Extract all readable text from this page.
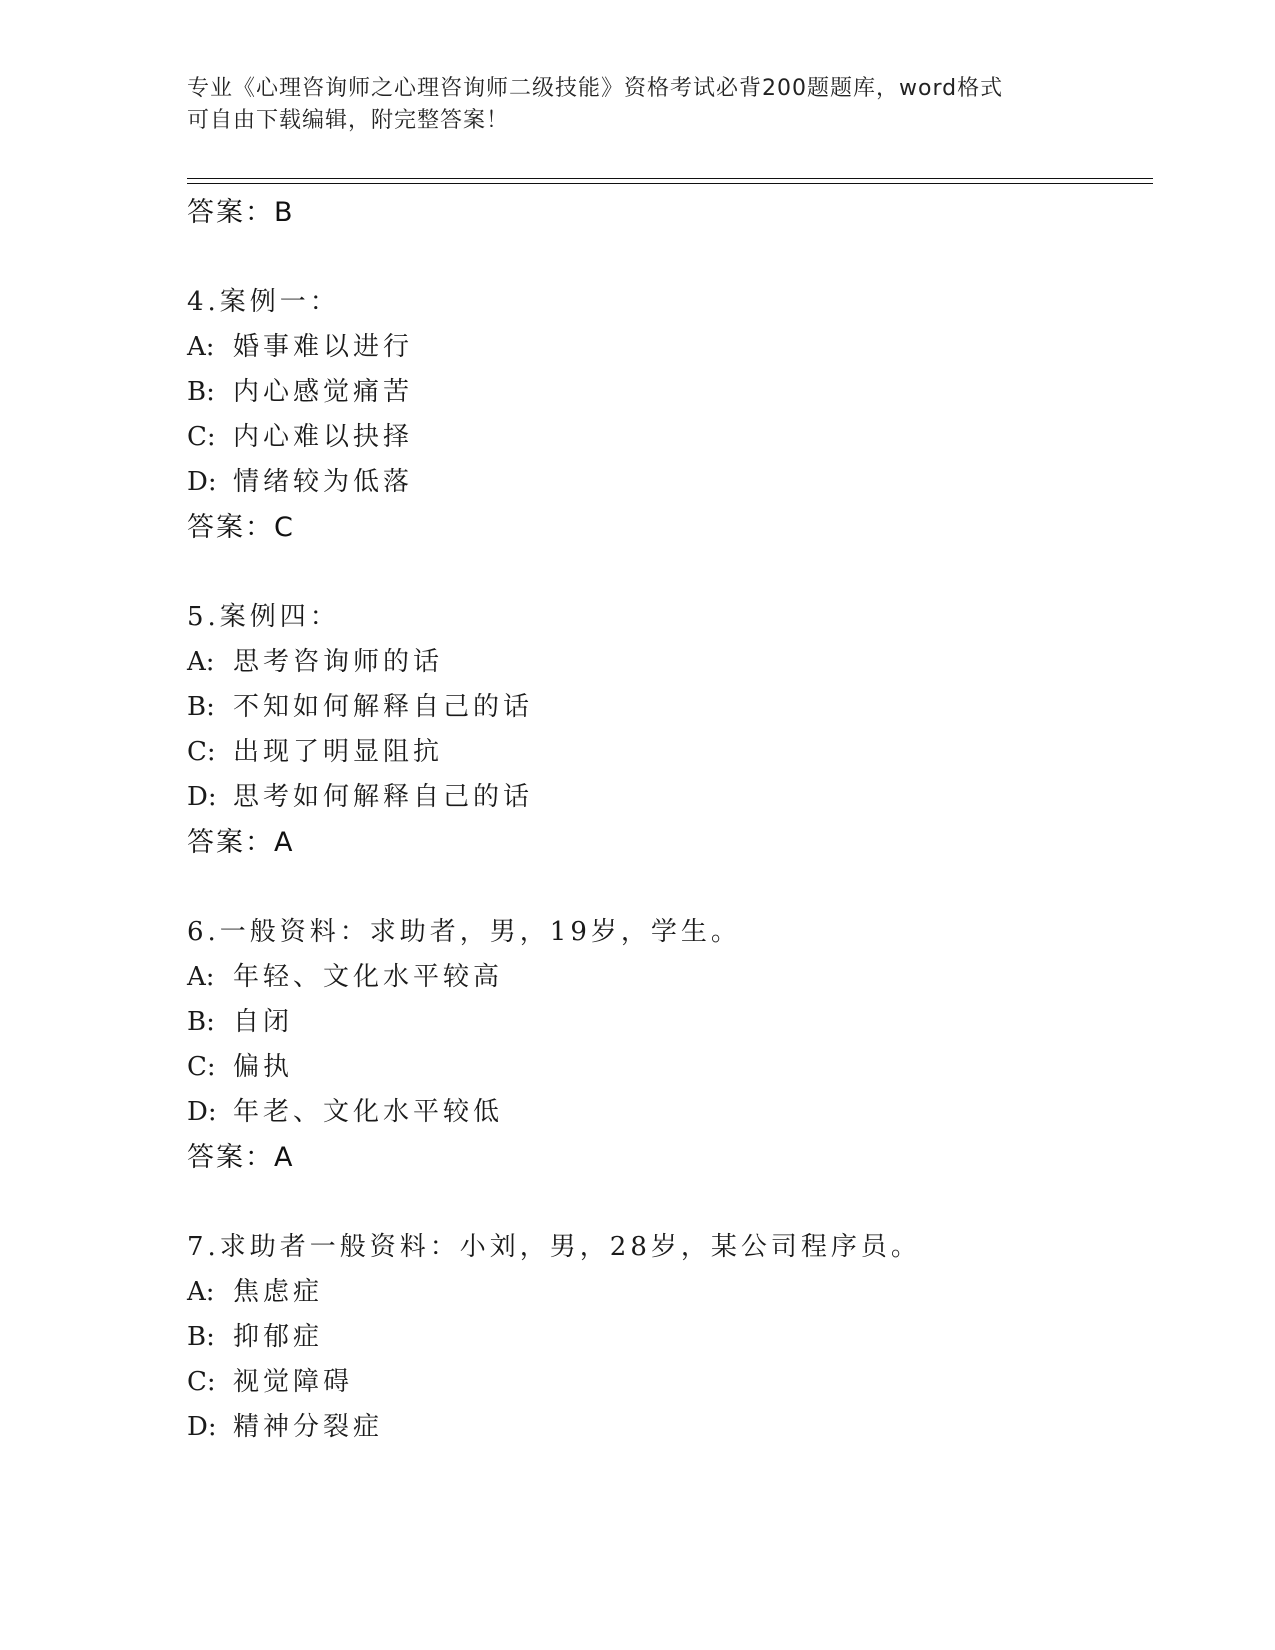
专业《心理咨询师之心理咨询师二级技能》资格考试必背200题题库，word格式
可自由下载编辑，附完整答案！
答案：B
4.案例一：
A: 婚事难以进行
B: 内心感觉痛苦
C: 内心难以抉择
D: 情绪较为低落
答案：C
5.案例四：
A: 思考咨询师的话
B: 不知如何解释自己的话
C: 出现了明显阻抗
D: 思考如何解释自己的话
答案：A
6.一般资料：求助者，男，19岁，学生。
A: 年轻、文化水平较高
B: 自闭
C: 偏执
D: 年老、文化水平较低
答案：A
7.求助者一般资料：小刘，男，28岁，某公司程序员。
A: 焦虑症
B: 抑郁症
C: 视觉障碍
D: 精神分裂症
